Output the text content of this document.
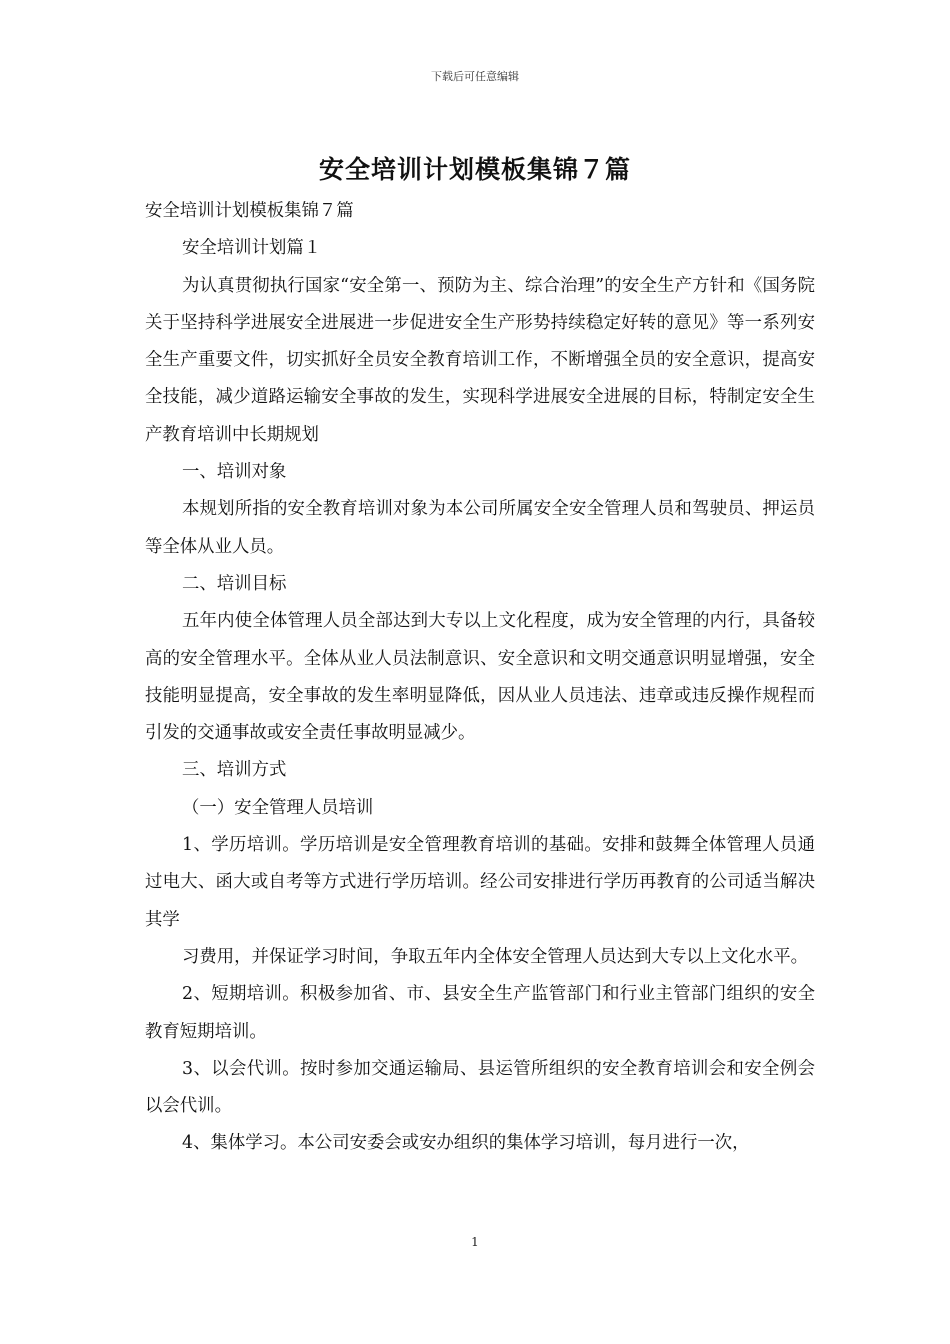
下载后可任意编辑
安全培训计划模板集锦７篇

安全培训计划模板集锦７篇

安全培训计划篇１

为认真贯彻执行国家“安全第一、预防为主、综合治理”的安全生产方针和《国务院关于坚持科学进展安全进展进一步促进安全生产形势持续稳定好转的意见》等一系列安全生产重要文件，切实抓好全员安全教育培训工作，不断增强全员的安全意识，提高安全技能，减少道路运输安全事故的发生，实现科学进展安全进展的目标，特制定安全生产教育培训中长期规划

一、培训对象

本规划所指的安全教育培训对象为本公司所属安全安全管理人员和驾驶员、押运员等全体从业人员。

二、培训目标

五年内使全体管理人员全部达到大专以上文化程度，成为安全管理的内行，具备较高的安全管理水平。全体从业人员法制意识、安全意识和文明交通意识明显增强，安全技能明显提高，安全事故的发生率明显降低，因从业人员违法、违章或违反操作规程而引发的交通事故或安全责任事故明显减少。

三、培训方式

（一）安全管理人员培训

1、学历培训。学历培训是安全管理教育培训的基础。安排和鼓舞全体管理人员通过电大、函大或自考等方式进行学历培训。经公司安排进行学历再教育的公司适当解决其学

习费用，并保证学习时间，争取五年内全体安全管理人员达到大专以上文化水平。

2、短期培训。积极参加省、市、县安全生产监管部门和行业主管部门组织的安全教育短期培训。

3、以会代训。按时参加交通运输局、县运管所组织的安全教育培训会和安全例会以会代训。

4、集体学习。本公司安委会或安办组织的集体学习培训，每月进行一次，

1
